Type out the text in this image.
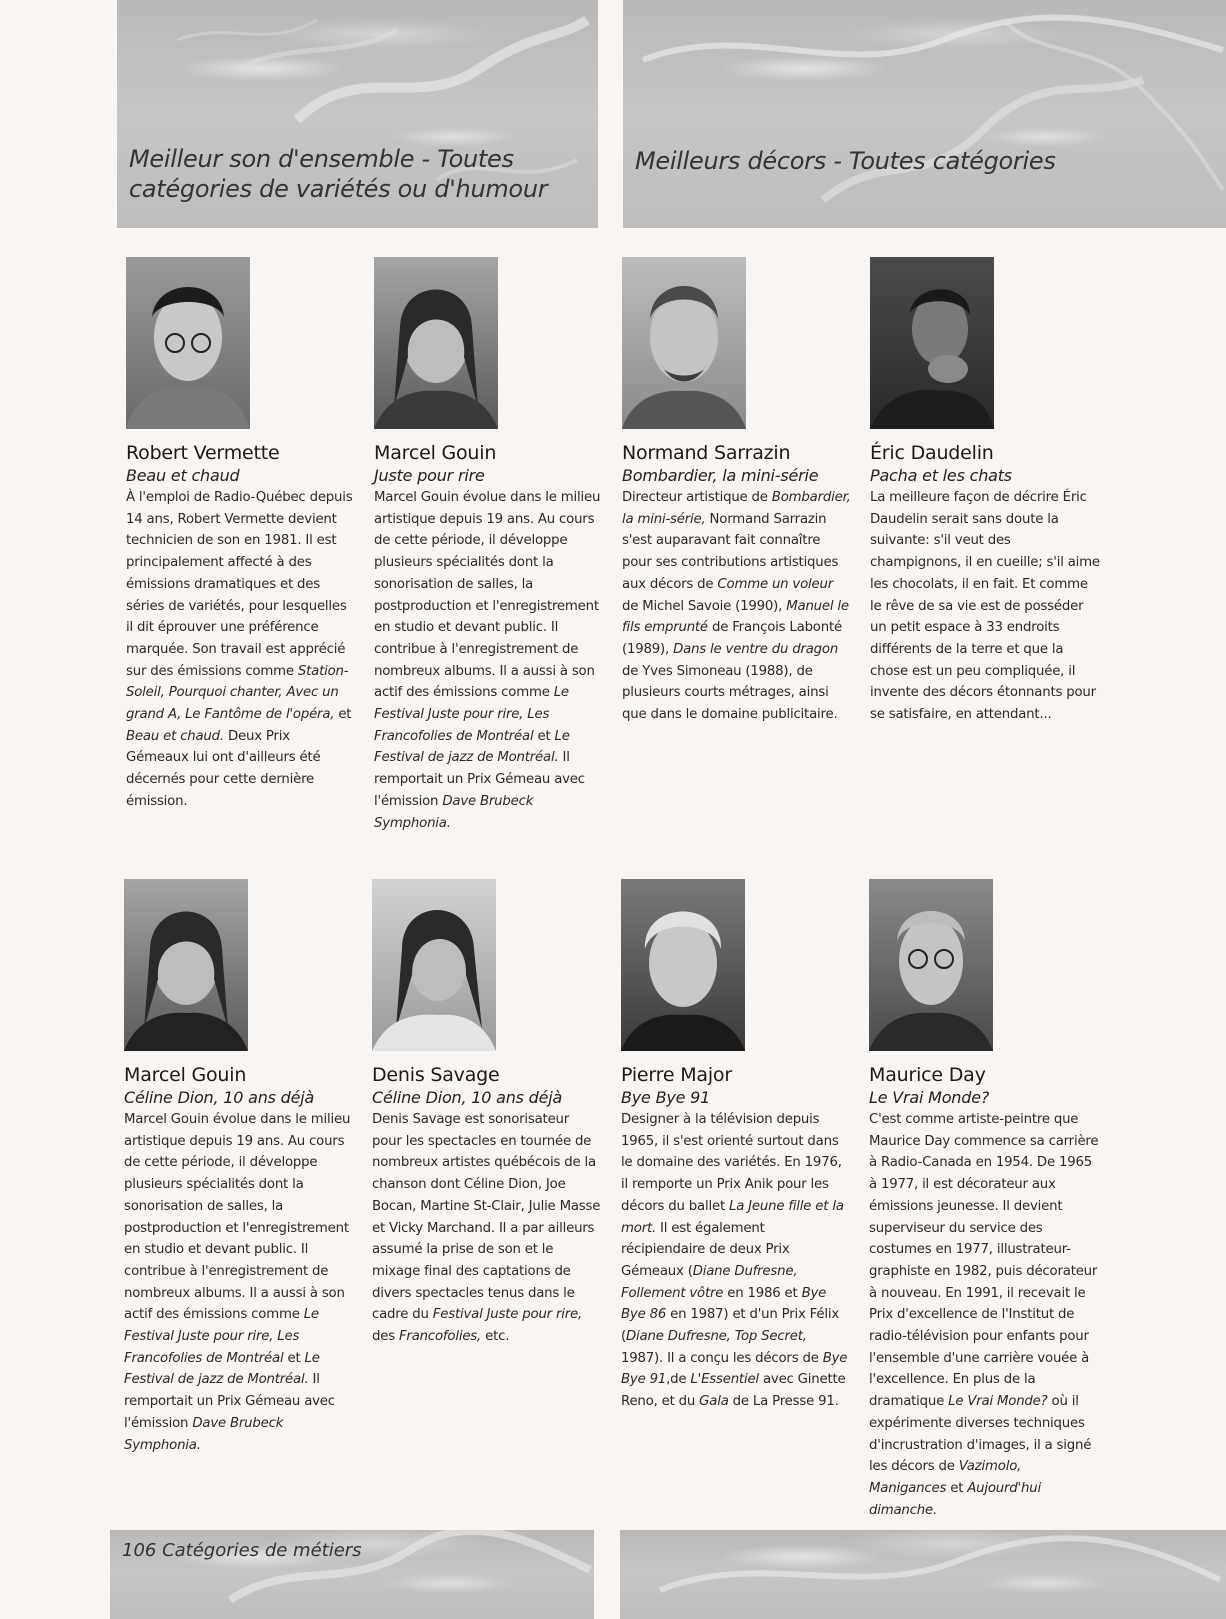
Meilleur son d'ensemble - Toutes catégories de variétés ou d'humour
Meilleurs décors - Toutes catégories
Robert Vermette

Beau et chaud

À l'emploi de Radio-Québec depuis 14 ans, Robert Vermette devient technicien de son en 1981. Il est principalement affecté à des émissions dramatiques et des séries de variétés, pour lesquelles il dit éprouver une préférence marquée. Son travail est apprécié sur des émissions comme Station-Soleil, Pourquoi chanter, Avec un grand A, Le Fantôme de l'opéra, et Beau et chaud. Deux Prix Gémeaux lui ont d'ailleurs été décernés pour cette dernière émission.

Marcel Gouin

Juste pour rire

Marcel Gouin évolue dans le milieu artistique depuis 19 ans. Au cours de cette période, il développe plusieurs spécialités dont la sonorisation de salles, la postproduction et l'enregistrement en studio et devant public. Il contribue à l'enregistrement de nombreux albums. Il a aussi à son actif des émissions comme Le Festival Juste pour rire, Les Francofolies de Montréal et Le Festival de jazz de Montréal. Il remportait un Prix Gémeau avec l'émission Dave Brubeck Symphonia.

Normand Sarrazin

Bombardier, la mini-série

Directeur artistique de Bombardier, la mini-série, Normand Sarrazin s'est auparavant fait connaître pour ses contributions artistiques aux décors de Comme un voleur de Michel Savoie (1990), Manuel le fils emprunté de François Labonté (1989), Dans le ventre du dragon de Yves Simoneau (1988), de plusieurs courts métrages, ainsi que dans le domaine publicitaire.

Éric Daudelin

Pacha et les chats

La meilleure façon de décrire Éric Daudelin serait sans doute la suivante: s'il veut des champignons, il en cueille; s'il aime les chocolats, il en fait. Et comme le rêve de sa vie est de posséder un petit espace à 33 endroits différents de la terre et que la chose est un peu compliquée, il invente des décors étonnants pour se satisfaire, en attendant...

Marcel Gouin

Céline Dion, 10 ans déjà

Marcel Gouin évolue dans le milieu artistique depuis 19 ans. Au cours de cette période, il développe plusieurs spécialités dont la sonorisation de salles, la postproduction et l'enregistrement en studio et devant public. Il contribue à l'enregistrement de nombreux albums. Il a aussi à son actif des émissions comme Le Festival Juste pour rire, Les Francofolies de Montréal et Le Festival de jazz de Montréal. Il remportait un Prix Gémeau avec l'émission Dave Brubeck Symphonia.

Denis Savage

Céline Dion, 10 ans déjà

Denis Savage est sonorisateur pour les spectacles en tournée de nombreux artistes québécois de la chanson dont Céline Dion, Joe Bocan, Martine St-Clair, Julie Masse et Vicky Marchand. Il a par ailleurs assumé la prise de son et le mixage final des captations de divers spectacles tenus dans le cadre du Festival Juste pour rire, des Francofolies, etc.

Pierre Major

Bye Bye 91

Designer à la télévision depuis 1965, il s'est orienté surtout dans le domaine des variétés. En 1976, il remporte un Prix Anik pour les décors du ballet La Jeune fille et la mort. Il est également récipiendaire de deux Prix Gémeaux (Diane Dufresne, Follement vôtre en 1986 et Bye Bye 86 en 1987) et d'un Prix Félix (Diane Dufresne, Top Secret, 1987). Il a conçu les décors de Bye Bye 91,de L'Essentiel avec Ginette Reno, et du Gala de La Presse 91.

Maurice Day

Le Vrai Monde?

C'est comme artiste-peintre que Maurice Day commence sa carrière à Radio-Canada en 1954. De 1965 à 1977, il est décorateur aux émissions jeunesse. Il devient superviseur du service des costumes en 1977, illustrateur-graphiste en 1982, puis décorateur à nouveau. En 1991, il recevait le Prix d'excellence de l'Institut de radio-télévision pour enfants pour l'ensemble d'une carrière vouée à l'excellence. En plus de la dramatique Le Vrai Monde? où il expérimente diverses techniques d'incrustration d'images, il a signé les décors de Vazimolo, Manigances et Aujourd'hui dimanche.

106 Catégories de métiers
